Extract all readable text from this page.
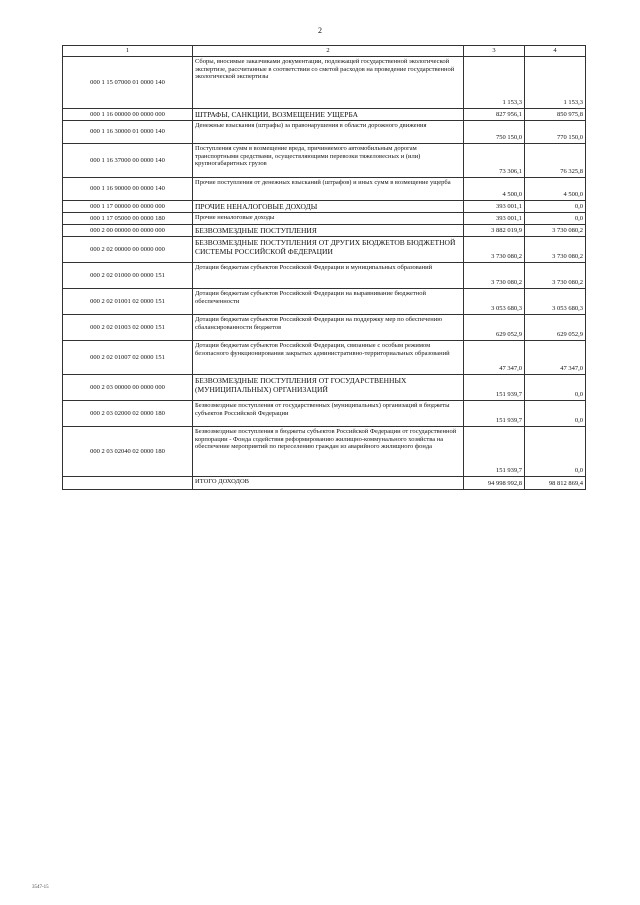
2
1	2	3	4
000 1 15 07000 01 0000 140	Сборы, вносимые заказчиками документации, подлежащей государственной экологической экспертизе, рассчитанные в соответствии со сметой расходов на проведение государственной экологической экспертизы	1 153,3	1 153,3
000 1 16 00000 00 0000 000	ШТРАФЫ, САНКЦИИ, ВОЗМЕЩЕНИЕ УЩЕРБА	827 956,1	850 975,8
000 1 16 30000 01 0000 140	Денежные взыскания (штрафы) за правонарушения в области дорожного движения	750 150,0	770 150,0
000 1 16 37000 00 0000 140	Поступления сумм в возмещение вреда, причиняемого автомобильным дорогам транспортными средствами, осуществляющими перевозки тяжеловесных и (или) крупногабаритных грузов	73 306,1	76 325,8
000 1 16 90000 00 0000 140	Прочие поступления от денежных взысканий (штрафов) и иных сумм в возмещение ущерба	4 500,0	4 500,0
000 1 17 00000 00 0000 000	ПРОЧИЕ НЕНАЛОГОВЫЕ ДОХОДЫ	393 001,1	0,0
000 1 17 05000 00 0000 180	Прочие неналоговые доходы	393 001,1	0,0
000 2 00 00000 00 0000 000	БЕЗВОЗМЕЗДНЫЕ ПОСТУПЛЕНИЯ	3 882 019,9	3 730 080,2
000 2 02 00000 00 0000 000	БЕЗВОЗМЕЗДНЫЕ ПОСТУПЛЕНИЯ ОТ ДРУГИХ БЮДЖЕТОВ БЮДЖЕТНОЙ СИСТЕМЫ РОССИЙСКОЙ ФЕДЕРАЦИИ	3 730 080,2	3 730 080,2
000 2 02 01000 00 0000 151	Дотации бюджетам субъектов Российской Федерации и муниципальных образований	3 730 080,2	3 730 080,2
000 2 02 01001 02 0000 151	Дотации бюджетам субъектов Российской Федерации на выравнивание бюджетной обеспеченности	3 053 680,3	3 053 680,3
000 2 02 01003 02 0000 151	Дотации бюджетам субъектов Российской Федерации на поддержку мер по обеспечению сбалансированности бюджетов	629 052,9	629 052,9
000 2 02 01007 02 0000 151	Дотации бюджетам субъектов Российской Федерации, связанные с особым режимом безопасного функционирования закрытых административно-территориальных образований	47 347,0	47 347,0
000 2 03 00000 00 0000 000	БЕЗВОЗМЕЗДНЫЕ ПОСТУПЛЕНИЯ ОТ ГОСУДАРСТВЕННЫХ (МУНИЦИПАЛЬНЫХ) ОРГАНИЗАЦИЙ	151 939,7	0,0
000 2 03 02000 02 0000 180	Безвозмездные поступления от государственных (муниципальных) организаций в бюджеты субъектов Российской Федерации	151 939,7	0,0
000 2 03 02040 02 0000 180	Безвозмездные поступления в бюджеты субъектов Российской Федерации от государственной корпорации - Фонда содействия реформированию жилищно-коммунального хозяйства на обеспечение мероприятий по переселению граждан из аварийного жилищного фонда	151 939,7	0,0
	ИТОГО ДОХОДОВ	94 998 992,8	98 812 869,4
3547-15
